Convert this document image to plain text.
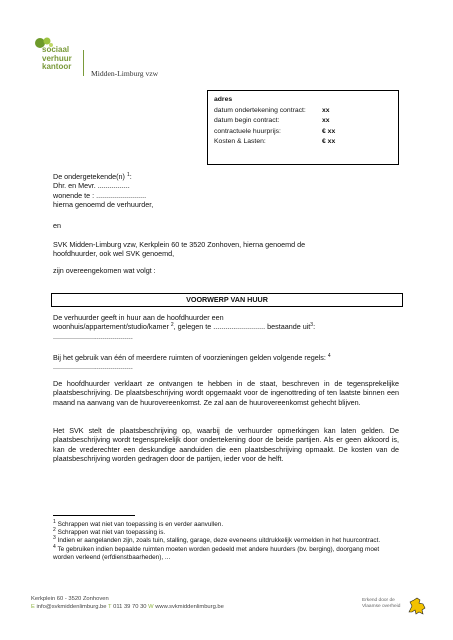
sociaal
verhuur
kantoor
Midden-Limburg vzw
adres
datum ondertekening contract:	xx
datum begin contract:	xx
contractuele huurprijs:	€ xx
Kosten & Lasten:	€ xx
De ondergetekende(n) $^1$:
Dhr. en Mevr. ................
wonende te : .........................
hierna genoemd de verhuurder,
en
SVK Midden-Limburg vzw, Kerkplein 60 te 3520 Zonhoven, hierna genoemd de
hoofdhuurder, ook wel SVK genoemd,
zijn overeengekomen wat volgt :
VOORWERP VAN HUUR
De verhuurder geeft in huur aan de hoofdhuurder een
woonhuis/appartement/studio/kamer $^2$, gelegen te .......................... bestaande uit$^3$:
........................................
Bij het gebruik van één of meerdere ruimten of voorzieningen gelden volgende regels: $^4$
........................................
De hoofdhuurder verklaart ze ontvangen te hebben in de staat, beschreven in de tegensprekelijke plaatsbeschrijving. De plaatsbeschrijving wordt opgemaakt voor de ingenottreding of ten laatste binnen een maand na aanvang van de huurovereenkomst. Ze zal aan de huurovereenkomst gehecht blijven.
Het SVK stelt de plaatsbeschrijving op, waarbij de verhuurder opmerkingen kan laten gelden. De plaatsbeschrijving wordt tegensprekelijk door ondertekening door de beide partijen. Als er geen akkoord is, kan de vrederechter een deskundige aanduiden die een plaatsbeschrijving opmaakt. De kosten van de plaatsbeschrijving worden gedragen door de partijen, ieder voor de helft.
$^1$ Schrappen wat niet van toepassing is en verder aanvullen.
$^2$ Schrappen wat niet van toepassing is.
$^3$ Indien er aangelanden zijn, zoals tuin, stalling, garage, deze eveneens uitdrukkelijk vermelden in het huurcontract.
$^4$ Te gebruiken indien bepaalde ruimten moeten worden gedeeld met andere huurders (bv. berging), doorgang moet worden verleend (erfdienstbaarheden), ...
Kerkplein 60 - 3520 Zonhoven
E info@svkmiddenlimburg.be T 011 39 70 30 W www.svkmiddenlimburg.be
Erkend door de
Vlaamse overheid
